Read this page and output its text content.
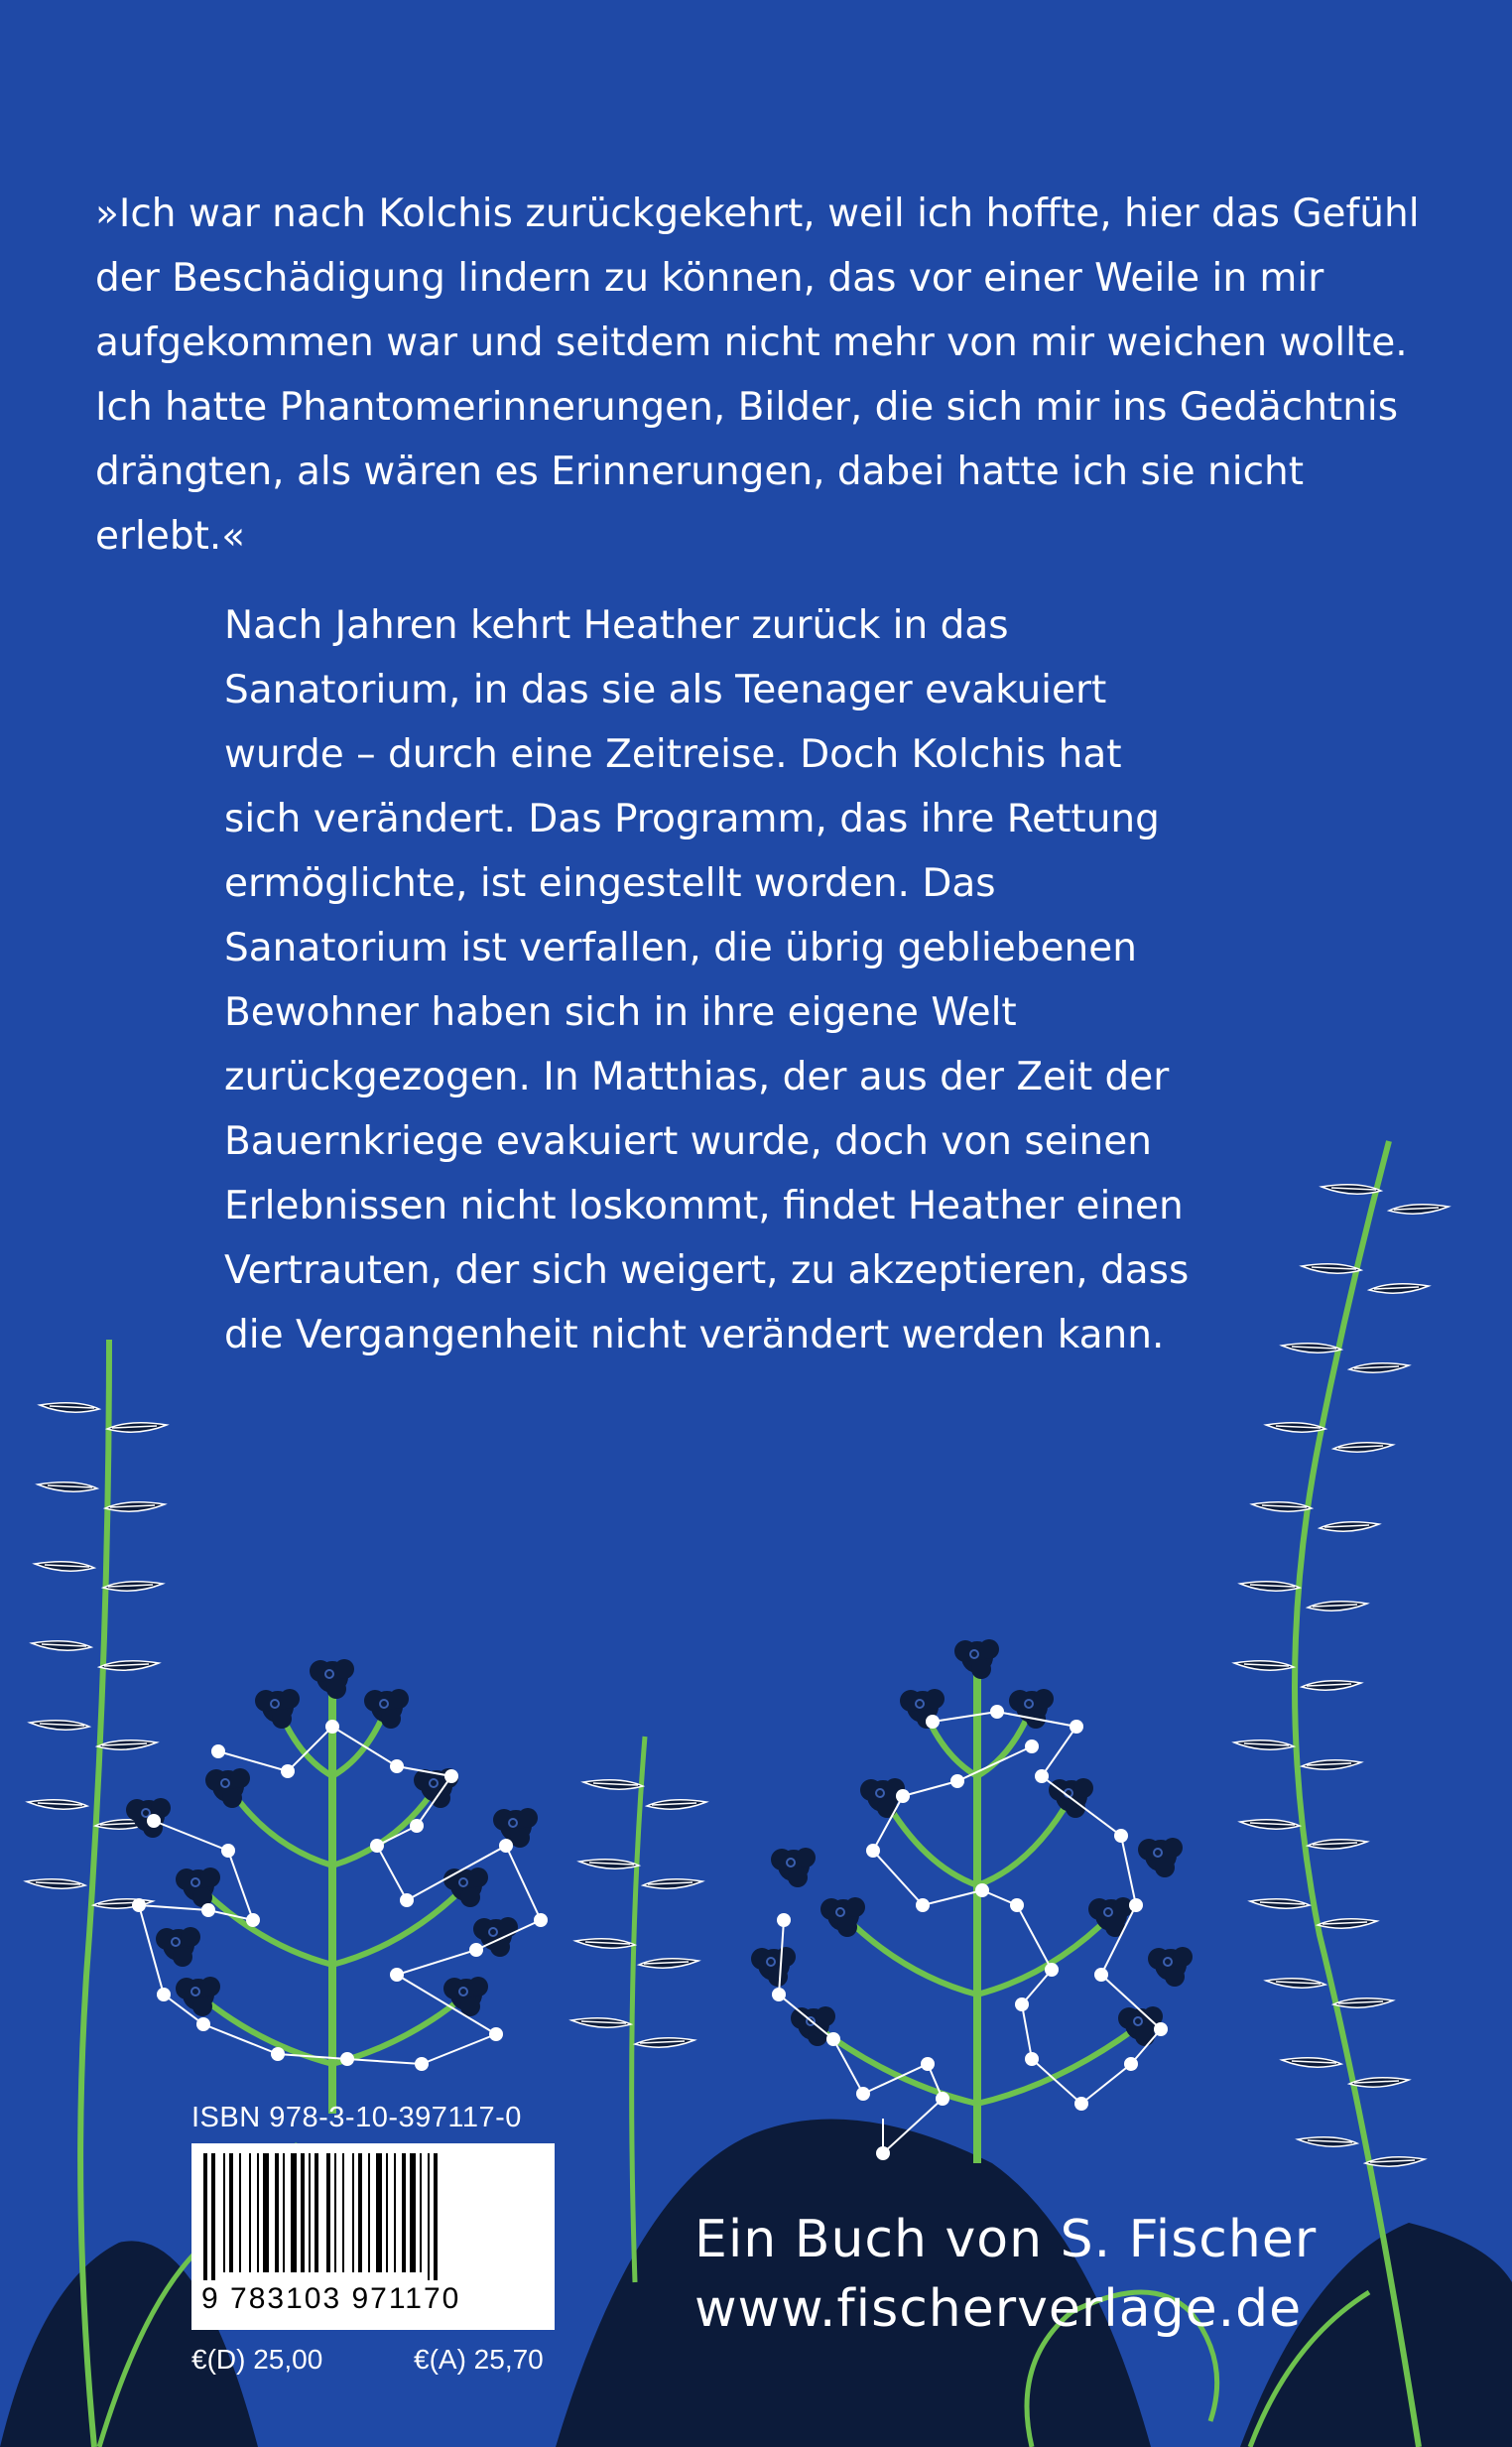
»Ich war nach Kolchis zurückgekehrt, weil ich hoffte, hier das Gefühl der Beschädigung lindern zu können, das vor einer Weile in mir aufgekommen war und seitdem nicht mehr von mir weichen wollte. Ich hatte Phantomerinnerungen, Bilder, die sich mir ins Gedächtnis drängten, als wären es Erinnerungen, dabei hatte ich sie nicht erlebt.«

Nach Jahren kehrt Heather zurück in das Sanatorium, in das sie als Teenager evakuiert wurde – durch eine Zeitreise. Doch Kolchis hat sich verändert. Das Programm, das ihre Rettung ermöglichte, ist eingestellt worden. Das Sanatorium ist verfallen, die übrig gebliebenen Bewohner haben sich in ihre eigene Welt zurückgezogen. In Matthias, der aus der Zeit der Bauernkriege evakuiert wurde, doch von seinen Erlebnissen nicht loskommt, findet Heather einen Vertrauten, der sich weigert, zu akzeptieren, dass die Vergangenheit nicht verändert werden kann.

ISBN 978-3-10-397117-0
9 783103 971170
€(D) 25,00	€(A) 25,70
Ein Buch von S. Fischer
www.fischerverlage.de
